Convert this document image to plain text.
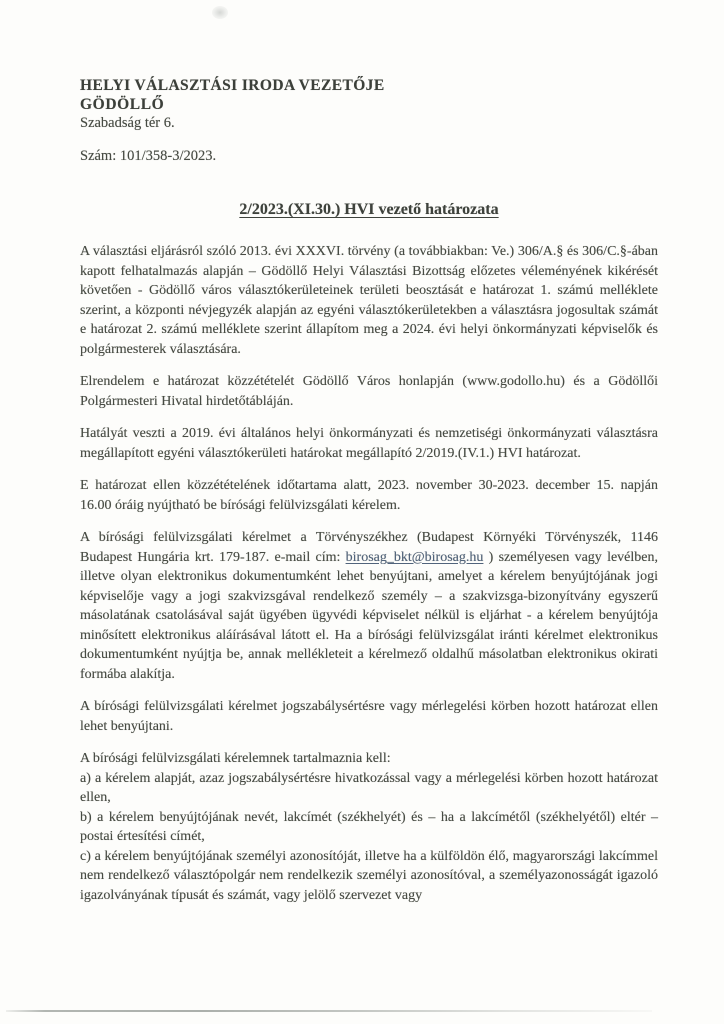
HELYI VÁLASZTÁSI IRODA VEZETŐJE
GÖDÖLLŐ
Szabadság tér 6.
Szám: 101/358-3/2023.
2/2023.(XI.30.) HVI vezető határozata

A választási eljárásról szóló 2013. évi XXXVI. törvény (a továbbiakban: Ve.) 306/A.§ és 306/C.§-ában kapott felhatalmazás alapján – Gödöllő Helyi Választási Bizottság előzetes véleményének kikérését követően - Gödöllő város választókerületeinek területi beosztását e határozat 1. számú melléklete szerint, a központi névjegyzék alapján az egyéni választókerületekben a választásra jogosultak számát e határozat 2. számú melléklete szerint állapítom meg a 2024. évi helyi önkormányzati képviselők és polgármesterek választására.

Elrendelem e határozat közzétételét Gödöllő Város honlapján (www.godollo.hu) és a Gödöllői Polgármesteri Hivatal hirdetőtábláján.

Hatályát veszti a 2019. évi általános helyi önkormányzati és nemzetiségi önkormányzati választásra megállapított egyéni választókerületi határokat megállapító 2/2019.(IV.1.) HVI határozat.

E határozat ellen közzétételének időtartama alatt, 2023. november 30-2023. december 15. napján 16.00 óráig nyújtható be bírósági felülvizsgálati kérelem.

A bírósági felülvizsgálati kérelmet a Törvényszékhez (Budapest Környéki Törvényszék, 1146 Budapest Hungária krt. 179-187. e-mail cím: birosag_bkt@birosag.hu ) személyesen vagy levélben, illetve olyan elektronikus dokumentumként lehet benyújtani, amelyet a kérelem benyújtójának jogi képviselője vagy a jogi szakvizsgával rendelkező személy – a szakvizsga-bizonyítvány egyszerű másolatának csatolásával saját ügyében ügyvédi képviselet nélkül is eljárhat - a kérelem benyújtója minősített elektronikus aláírásával látott el. Ha a bírósági felülvizsgálat iránti kérelmet elektronikus dokumentumként nyújtja be, annak mellékleteit a kérelmező oldalhű másolatban elektronikus okirati formába alakítja.

A bírósági felülvizsgálati kérelmet jogszabálysértésre vagy mérlegelési körben hozott határozat ellen lehet benyújtani.

A bírósági felülvizsgálati kérelemnek tartalmaznia kell:

a) a kérelem alapját, azaz jogszabálysértésre hivatkozással vagy a mérlegelési körben hozott határozat ellen,

b) a kérelem benyújtójának nevét, lakcímét (székhelyét) és – ha a lakcímétől (székhelyétől) eltér – postai értesítési címét,

c) a kérelem benyújtójának személyi azonosítóját, illetve ha a külföldön élő, magyarországi lakcímmel nem rendelkező választópolgár nem rendelkezik személyi azonosítóval, a személyazonosságát igazoló igazolványának típusát és számát, vagy jelölő szervezet vagy
